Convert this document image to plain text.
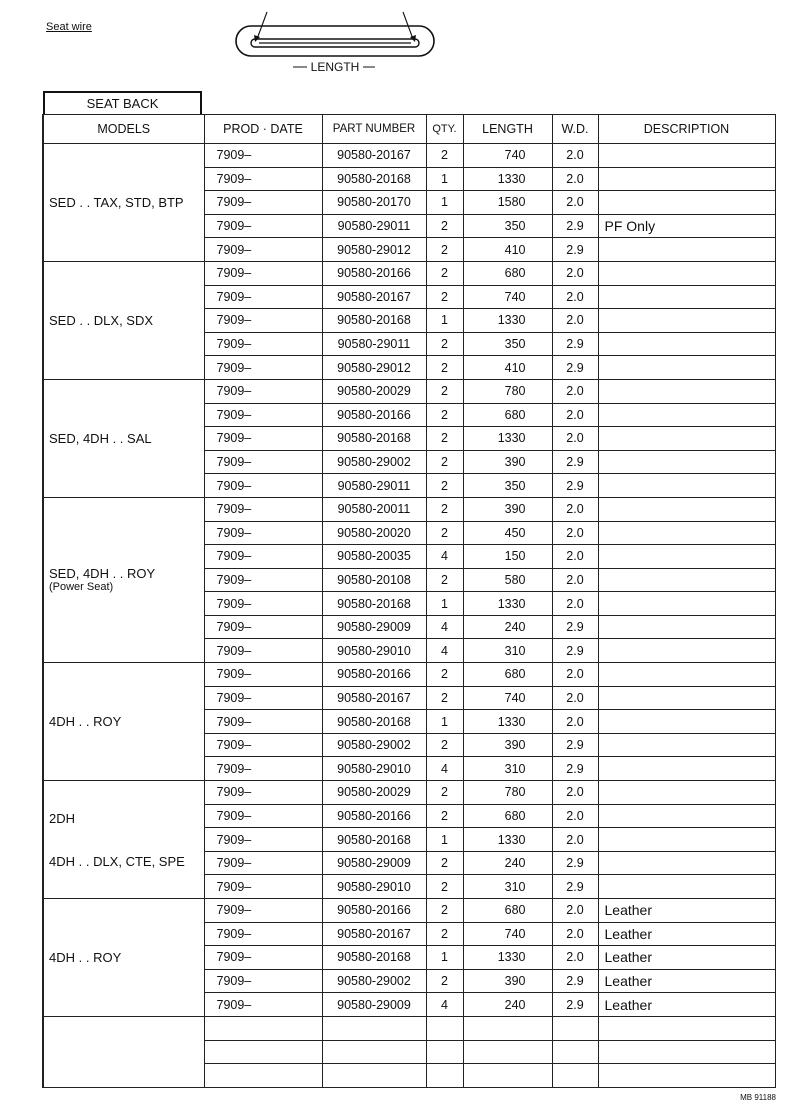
Seat wire
LENGTH
SEAT BACK
MODELS	PROD · DATE	PART NUMBER	QTY.	LENGTH	W.D.	DESCRIPTION

SED . . TAX, STD, BTP	7909–	90580-20167	2	740	2.0	
	7909–	90580-20168	1	1330	2.0	
	7909–	90580-20170	1	1580	2.0	
	7909–	90580-29011	2	350	2.9	PF Only
	7909–	90580-29012	2	410	2.9	

SED . . DLX, SDX	7909–	90580-20166	2	680	2.0	
	7909–	90580-20167	2	740	2.0	
	7909–	90580-20168	1	1330	2.0	
	7909–	90580-29011	2	350	2.9	
	7909–	90580-29012	2	410	2.9	

SED, 4DH . . SAL	7909–	90580-20029	2	780	2.0	
	7909–	90580-20166	2	680	2.0	
	7909–	90580-20168	2	1330	2.0	
	7909–	90580-29002	2	390	2.9	
	7909–	90580-29011	2	350	2.9	

SED, 4DH . . ROY
(Power Seat)	7909–	90580-20011	2	390	2.0	
	7909–	90580-20020	2	450	2.0	
	7909–	90580-20035	4	150	2.0	
	7909–	90580-20108	2	580	2.0	
	7909–	90580-20168	1	1330	2.0	
	7909–	90580-29009	4	240	2.9	
	7909–	90580-29010	4	310	2.9	

4DH . . ROY	7909–	90580-20166	2	680	2.0	
	7909–	90580-20167	2	740	2.0	
	7909–	90580-20168	1	1330	2.0	
	7909–	90580-29002	2	390	2.9	
	7909–	90580-29010	4	310	2.9	

2DH
4DH . . DLX, CTE, SPE	7909–	90580-20029	2	780	2.0	
	7909–	90580-20166	2	680	2.0	
	7909–	90580-20168	1	1330	2.0	
	7909–	90580-29009	2	240	2.9	
	7909–	90580-29010	2	310	2.9	

4DH . . ROY	7909–	90580-20166	2	680	2.0	Leather
	7909–	90580-20167	2	740	2.0	Leather
	7909–	90580-20168	1	1330	2.0	Leather
	7909–	90580-29002	2	390	2.9	Leather
	7909–	90580-29009	4	240	2.9	Leather

MB 91188
